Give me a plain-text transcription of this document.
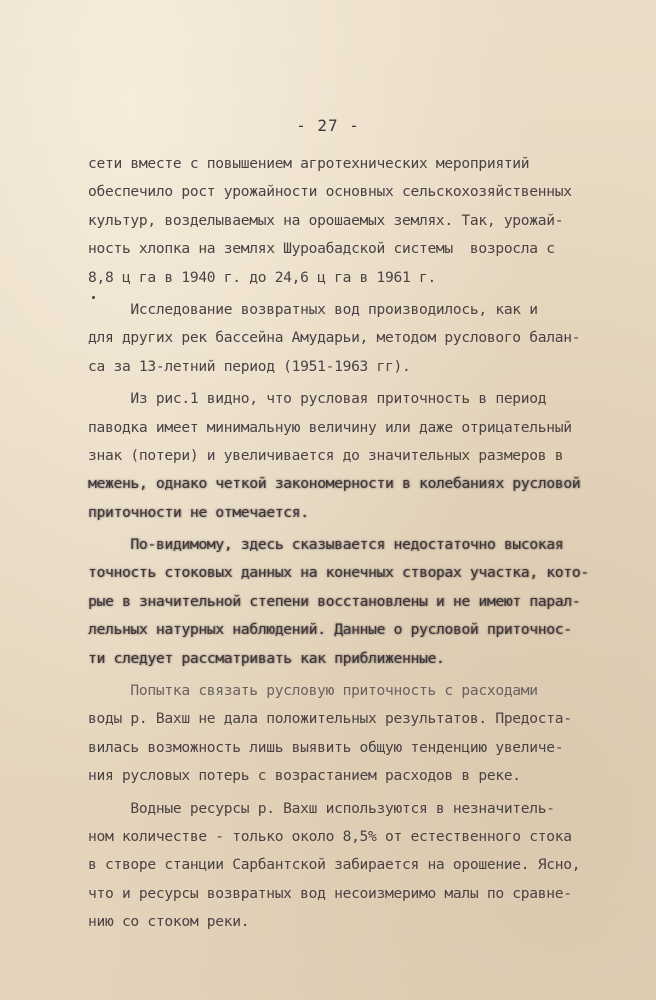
- 27 -
сети вместе с повышением агротехнических мероприятий
обеспечило рост урожайности основных сельскохозяйственных
культур, возделываемых на орошаемых землях. Так, урожай-
ность хлопка на землях Шуроабадской системы  возросла с
8,8 ц га в 1940 г. до 24,6 ц га в 1961 г.
Исследование возвратных вод производилось, как и
для других рек бассейна Амударьи, методом руслового балан-
са за 13-летний период (1951-1963 гг).
Из рис.1 видно, что русловая приточность в период
паводка имеет минимальную величину или даже отрицательный
знак (потери) и увеличивается до значительных размеров в
межень, однако четкой закономерности в колебаниях русловой
приточности не отмечается.
По-видимому, здесь сказывается недостаточно высокая
точность стоковых данных на конечных створах участка, кото-
рые в значительной степени восстановлены и не имеют парал-
лельных натурных наблюдений. Данные о русловой приточнос-
ти следует рассматривать как приближенные.
Попытка связать русловую приточность с расходами
воды р. Вахш не дала положительных результатов. Предоста-
вилась возможность лишь выявить общую тенденцию увеличе-
ния русловых потерь с возрастанием расходов в реке.
Водные ресурсы р. Вахш используются в незначитель-
ном количестве - только около 8,5% от естественного стока
в створе станции Сарбантской забирается на орошение. Ясно,
что и ресурсы возвратных вод несоизмеримо малы по сравне-
нию со стоком реки.
